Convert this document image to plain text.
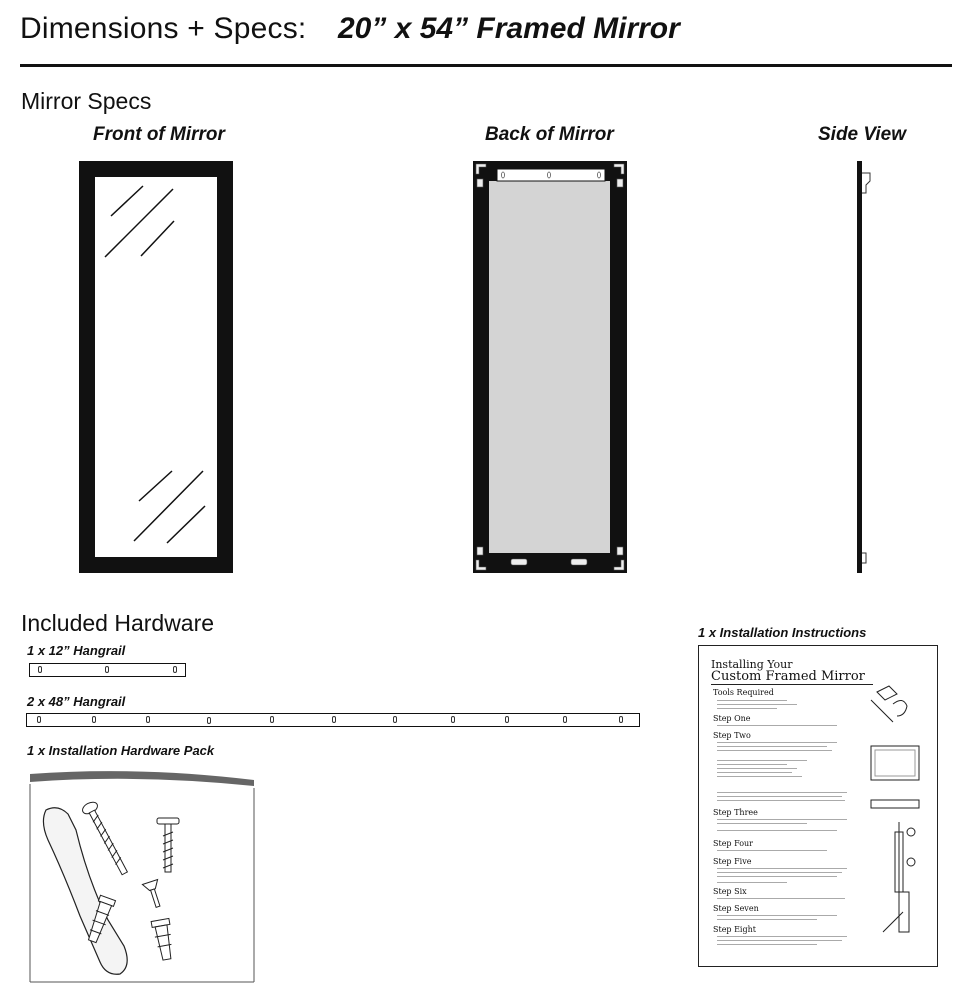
Dimensions + Specs: 20” x 54” Framed Mirror
Mirror Specs
Front of Mirror	Back of Mirror	Side View
Included Hardware
1 x 12” Hangrail
2 x 48” Hangrail
1 x Installation Hardware Pack
1 x Installation Instructions
Installing Your
Custom Framed Mirror
Tools Required
Step One
Step Two
Step Three
Step Four
Step Five
Step Six
Step Seven
Step Eight
